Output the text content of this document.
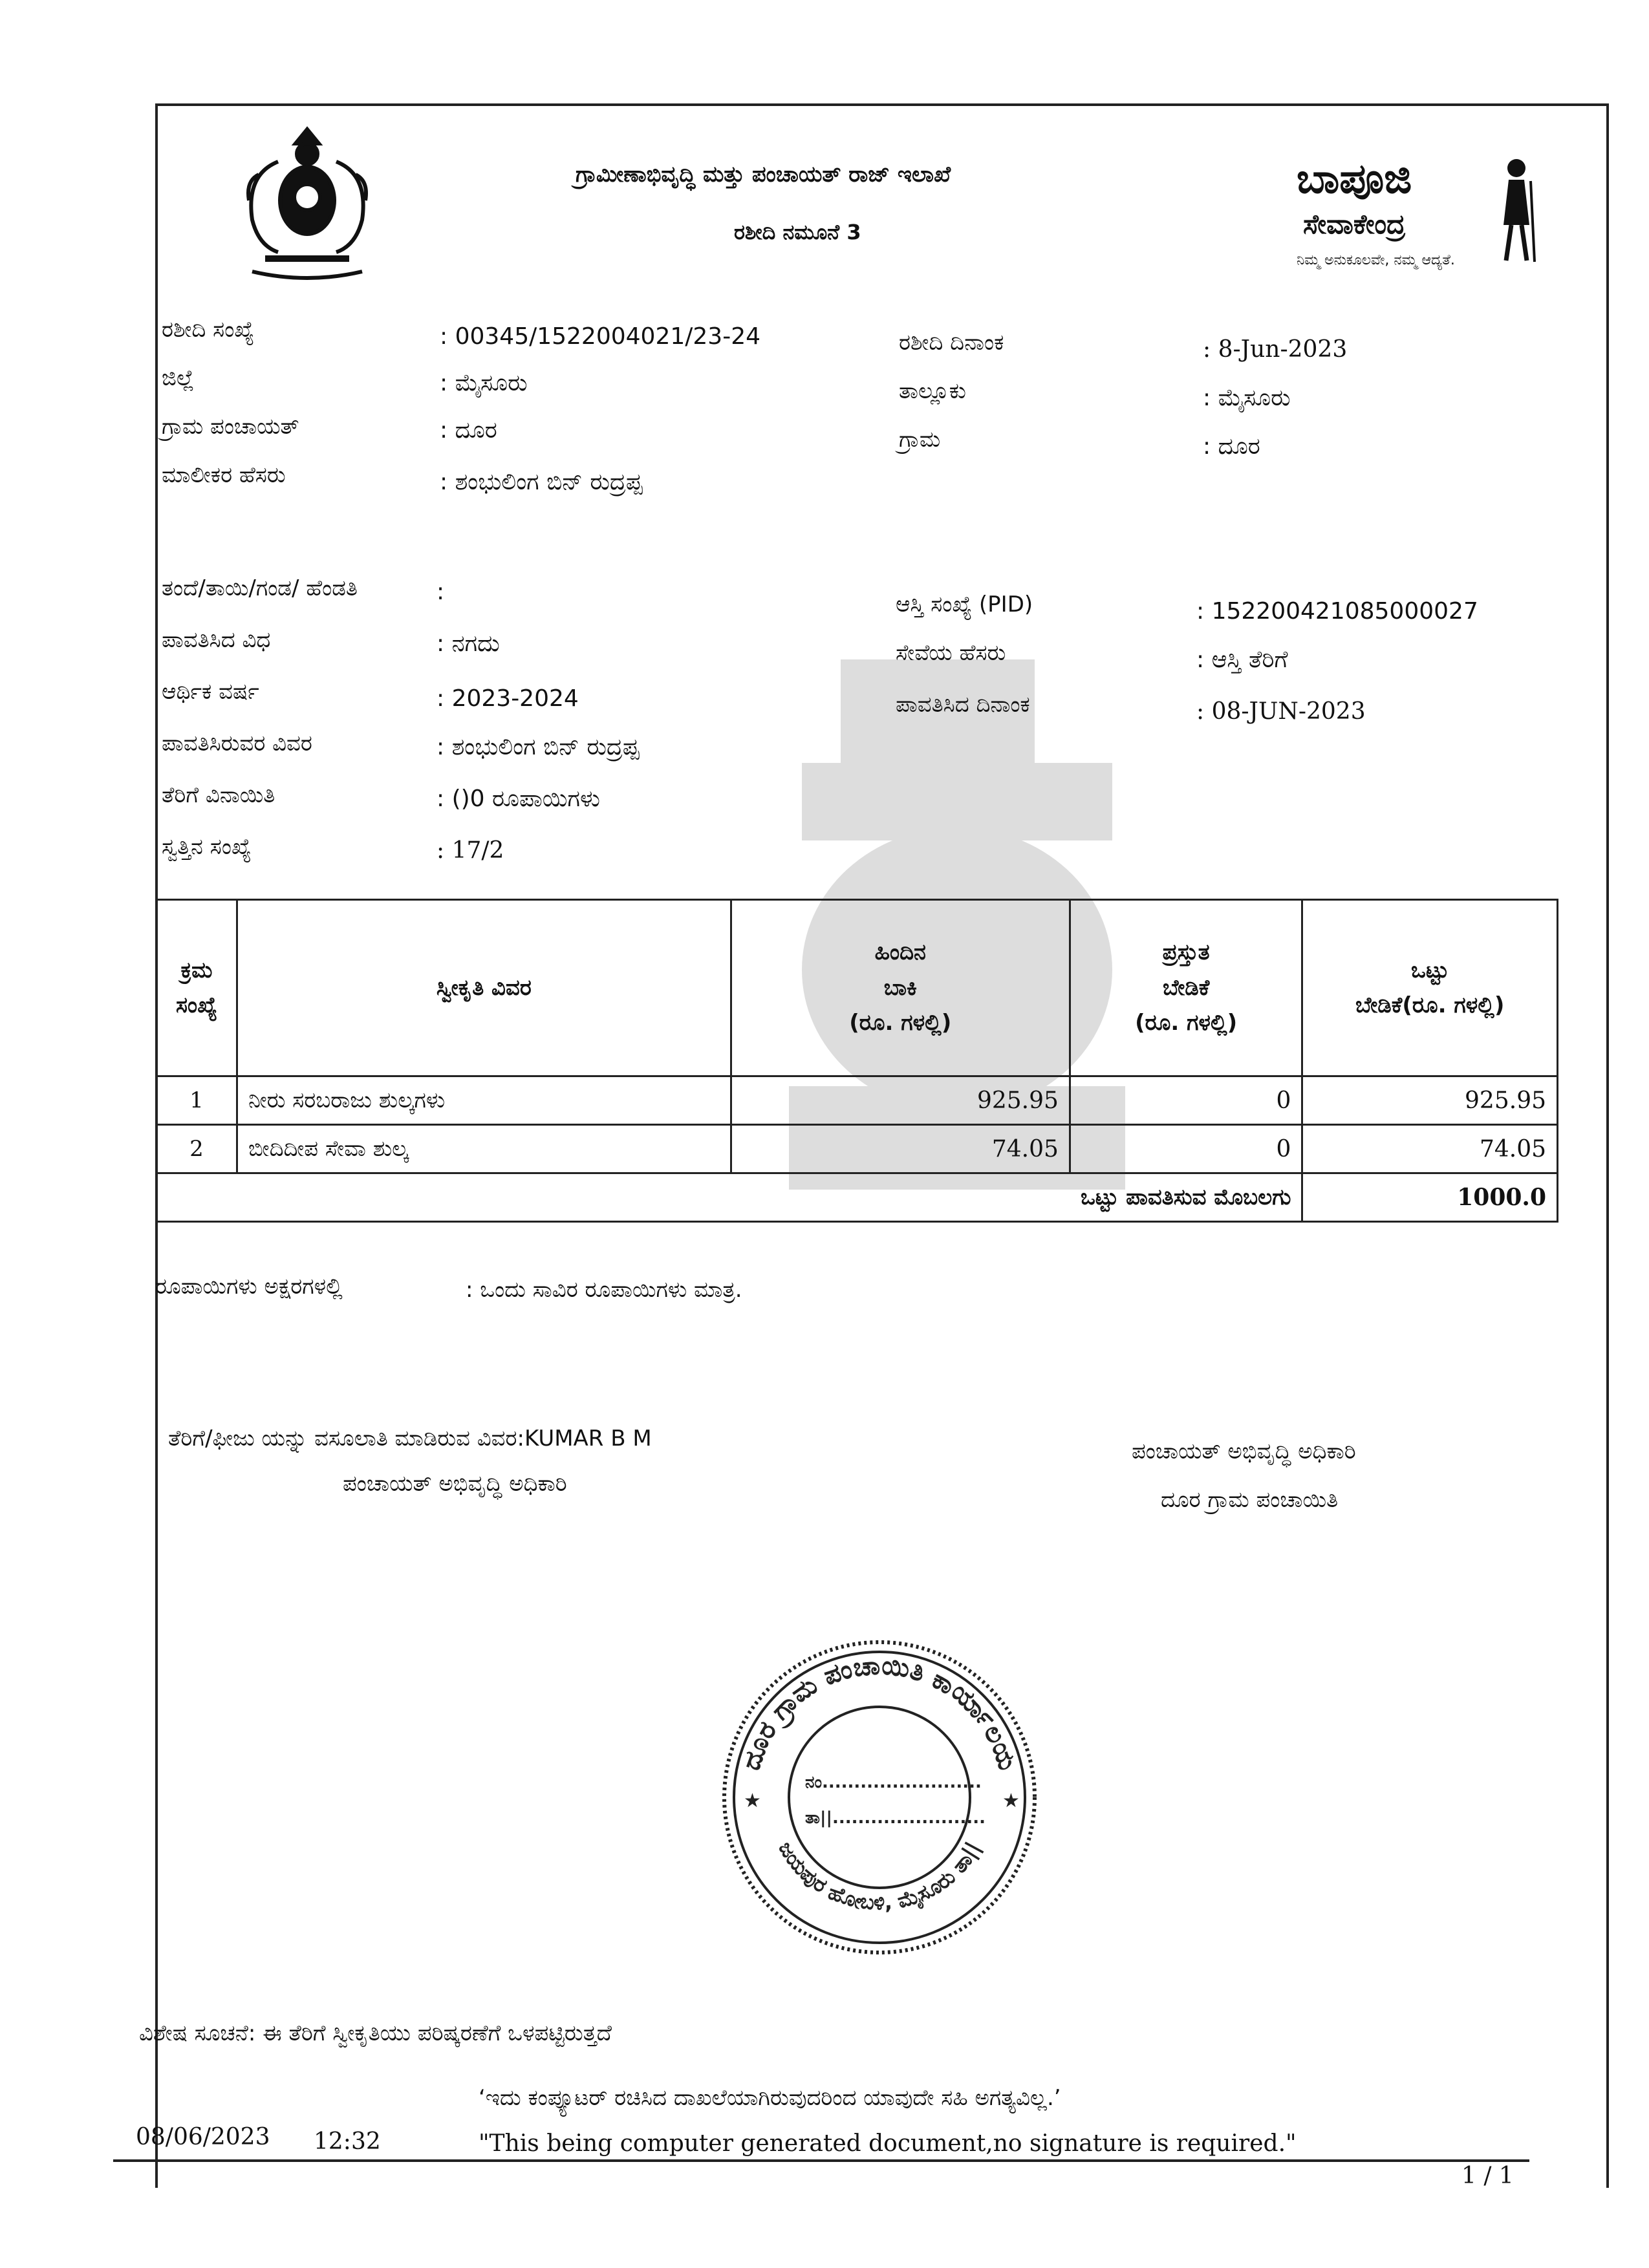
ಗ್ರಾಮೀಣಾಭಿವೃದ್ಧಿ ಮತ್ತು ಪಂಚಾಯತ್ ರಾಜ್ ಇಲಾಖೆ
ರಶೀದಿ ನಮೂನೆ 3
ಬಾಪೂಜಿ
ಸೇವಾಕೇಂದ್ರ
ನಿಮ್ಮ ಅನುಕೂಲವೇ, ನಮ್ಮ ಆದ್ಯತೆ.
ರಶೀದಿ ಸಂಖ್ಯೆ	: 00345/1522004021/23-24
ಜಿಲ್ಲೆ	: ಮೈಸೂರು
ಗ್ರಾಮ ಪಂಚಾಯತ್	: ದೂರ
ಮಾಲೀಕರ ಹೆಸರು	: ಶಂಭುಲಿಂಗ ಬಿನ್ ರುದ್ರಪ್ಪ
ರಶೀದಿ ದಿನಾಂಕ	: 8-Jun-2023
ತಾಲ್ಲೂಕು	: ಮೈಸೂರು
ಗ್ರಾಮ	: ದೂರ
ತಂದೆ/ತಾಯಿ/ಗಂಡ/ ಹೆಂಡತಿ	:
ಪಾವತಿಸಿದ ವಿಧ	: ನಗದು
ಆರ್ಥಿಕ ವರ್ಷ	: 2023-2024
ಪಾವತಿಸಿರುವರ ವಿವರ	: ಶಂಭುಲಿಂಗ ಬಿನ್ ರುದ್ರಪ್ಪ
ತೆರಿಗೆ ವಿನಾಯಿತಿ	: ()0 ರೂಪಾಯಿಗಳು
ಸ್ವತ್ತಿನ ಸಂಖ್ಯೆ	: 17/2
ಆಸ್ತಿ ಸಂಖ್ಯೆ (PID)	: 152200421085000027
ಸೇವೆಯ ಹೆಸರು	: ಆಸ್ತಿ ತೆರಿಗೆ
ಪಾವತಿಸಿದ ದಿನಾಂಕ	: 08-JUN-2023
ಕ್ರಮ
ಸಂಖ್ಯೆ	ಸ್ವೀಕೃತಿ ವಿವರ	ಹಿಂದಿನ
ಬಾಕಿ
(ರೂ. ಗಳಲ್ಲಿ)	ಪ್ರಸ್ತುತ
ಬೇಡಿಕೆ
(ರೂ. ಗಳಲ್ಲಿ)	ಒಟ್ಟು
ಬೇಡಿಕೆ(ರೂ. ಗಳಲ್ಲಿ)
1	ನೀರು ಸರಬರಾಜು ಶುಲ್ಕಗಳು	925.95	0	925.95
2	ಬೀದಿದೀಪ ಸೇವಾ ಶುಲ್ಕ	74.05	0	74.05
ಒಟ್ಟು ಪಾವತಿಸುವ ಮೊಬಲಗು				1000.0
ರೂಪಾಯಿಗಳು ಅಕ್ಷರಗಳಲ್ಲಿ	: ಒಂದು ಸಾವಿರ ರೂಪಾಯಿಗಳು ಮಾತ್ರ.
ತೆರಿಗೆ/ಫೀಜು ಯನ್ನು ವಸೂಲಾತಿ ಮಾಡಿರುವ ವಿವರ:KUMAR B M
ಪಂಚಾಯತ್ ಅಭಿವೃದ್ಧಿ ಅಧಿಕಾರಿ
ಪಂಚಾಯತ್ ಅಭಿವೃದ್ಧಿ ಅಧಿಕಾರಿ
ದೂರ ಗ್ರಾಮ ಪಂಚಾಯಿತಿ
ದೂರ ಗ್ರಾಮ ಪಂಚಾಯಿತಿ ಕಾರ್ಯಾಲಯ
ಜಯಪುರ ಹೋಬಳಿ, ಮೈಸೂರು ತಾ||
★	★
ನಂ.........................
ತಾ||........................
ವಿಶೇಷ ಸೂಚನೆ: ಈ ತೆರಿಗೆ ಸ್ವೀಕೃತಿಯು ಪರಿಷ್ಕರಣೆಗೆ ಒಳಪಟ್ಟಿರುತ್ತದೆ
‘ಇದು ಕಂಪ್ಯೂಟರ್ ರಚಿಸಿದ ದಾಖಲೆಯಾಗಿರುವುದರಿಂದ ಯಾವುದೇ ಸಹಿ ಅಗತ್ಯವಿಲ್ಲ.’
"This being computer generated document,no signature is required."
08/06/2023 12:32
1 / 1
